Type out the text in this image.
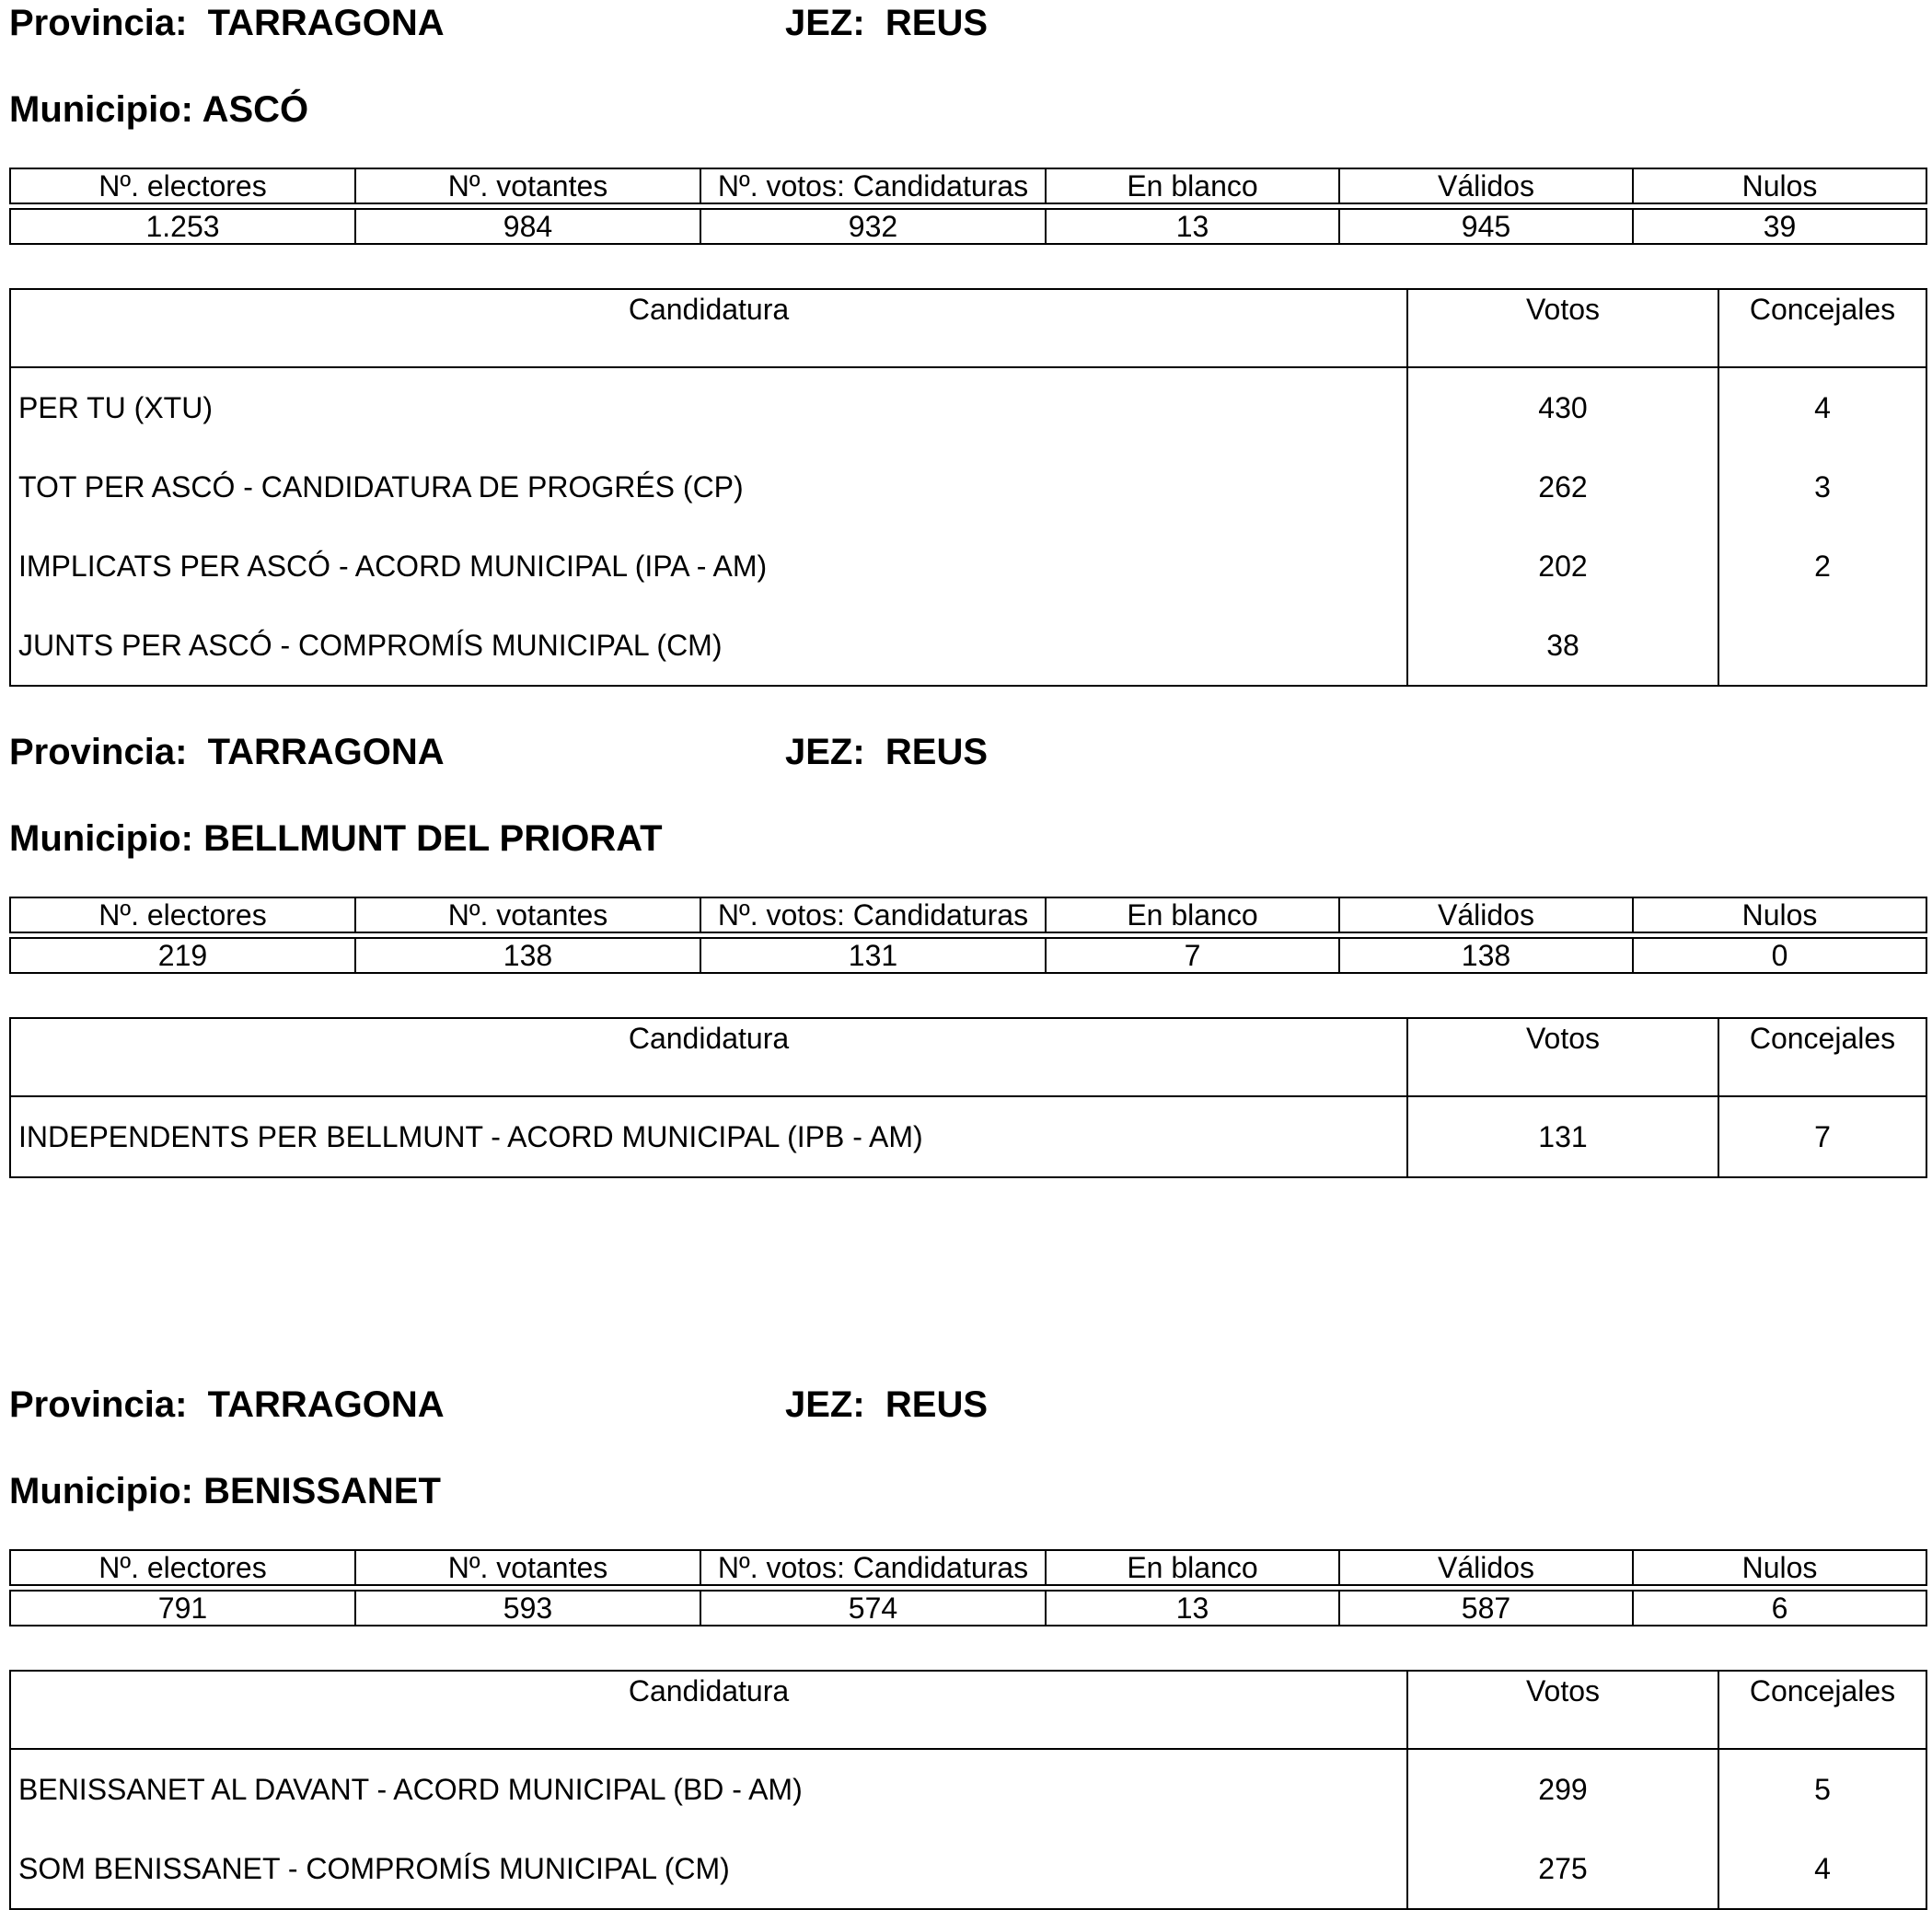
Provincia:  TARRAGONA	JEZ:  REUS
Municipio: ASCÓ
Nº. electores	Nº. votantes	Nº. votos: Candidaturas	En blanco	Válidos	Nulos
1.253	984	932	13	945	39
Candidatura	Votos	Concejales
PER TU (XTU)	430	4
TOT PER ASCÓ - CANDIDATURA DE PROGRÉS (CP)	262	3
IMPLICATS PER ASCÓ - ACORD MUNICIPAL (IPA - AM)	202	2
JUNTS PER ASCÓ - COMPROMÍS MUNICIPAL (CM)	38	
Provincia:  TARRAGONA	JEZ:  REUS
Municipio: BELLMUNT DEL PRIORAT
Nº. electores	Nº. votantes	Nº. votos: Candidaturas	En blanco	Válidos	Nulos
219	138	131	7	138	0
Candidatura	Votos	Concejales
INDEPENDENTS PER BELLMUNT - ACORD MUNICIPAL (IPB - AM)	131	7
Provincia:  TARRAGONA	JEZ:  REUS
Municipio: BENISSANET
Nº. electores	Nº. votantes	Nº. votos: Candidaturas	En blanco	Válidos	Nulos
791	593	574	13	587	6
Candidatura	Votos	Concejales
BENISSANET AL DAVANT - ACORD MUNICIPAL (BD - AM)	299	5
SOM BENISSANET - COMPROMÍS MUNICIPAL (CM)	275	4
